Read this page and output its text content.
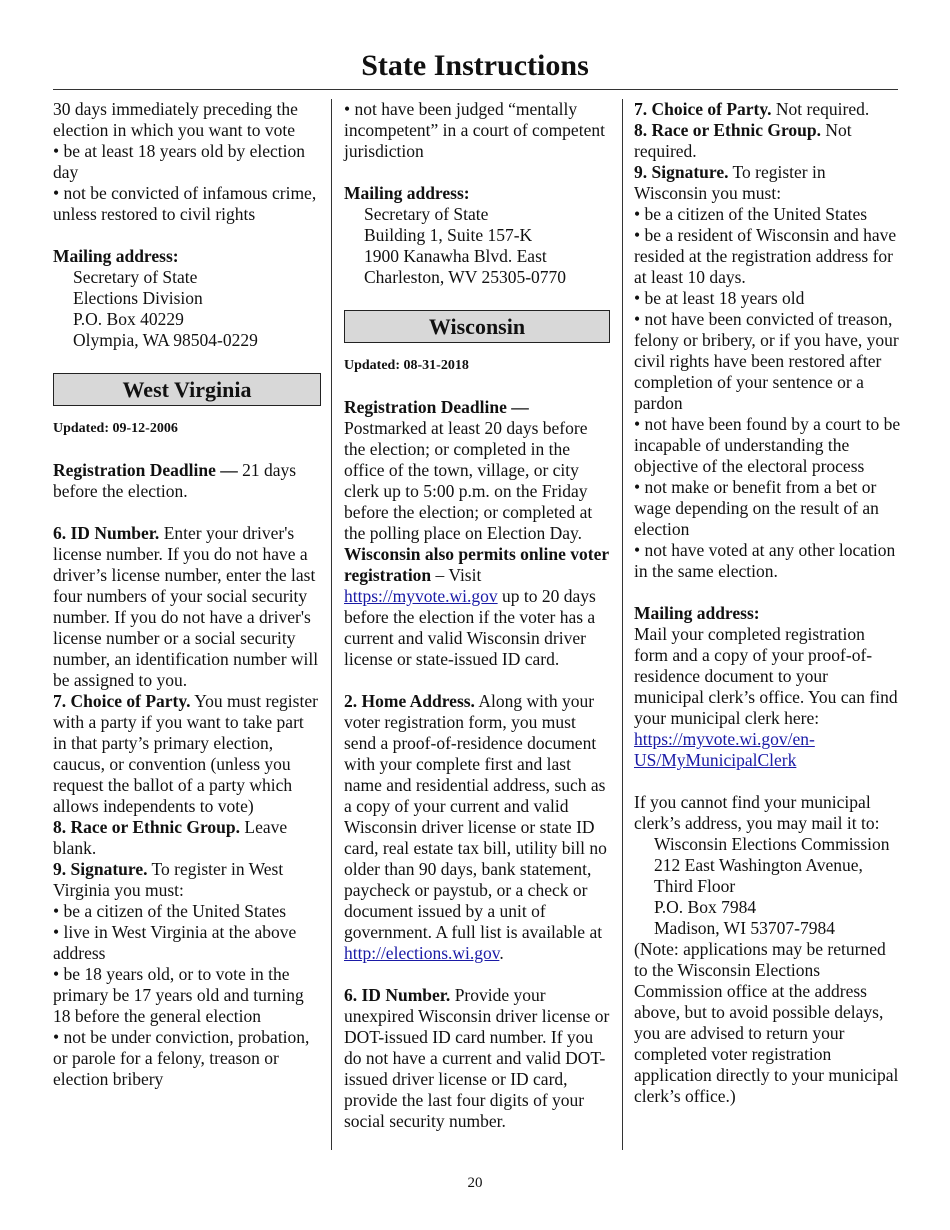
State Instructions

30 days immediately preceding the

election in which you want to vote

• be at least 18 years old by election day

• not be convicted of infamous crime, unless restored to civil rights

Mailing address:

Secretary of State

Elections Division

P.O. Box 40229

Olympia, WA 98504-0229

West Virginia

Updated: 09-12-2006

Registration Deadline — 21 days before the election.

6. ID Number. Enter your driver's license number. If you do not have a driver’s license number, enter the last four numbers of your social security number. If you do not have a driver's license number or a social security number, an identification number will be assigned to you.

7. Choice of Party. You must register with a party if you want to take part in that party’s primary election, caucus, or convention (unless you request the ballot of a party which allows independents to vote)

8. Race or Ethnic Group. Leave blank.

9. Signature. To register in West Virginia you must:

• be a citizen of the United States

• live in West Virginia at the above address

• be 18 years old, or to vote in the primary be 17 years old and turning 18 before the general election

• not be under conviction, probation, or parole for a felony, treason or election bribery

• not have been judged “mentally incompetent” in a court of competent jurisdiction

Mailing address:

Secretary of State

Building 1, Suite 157-K

1900 Kanawha Blvd. East

Charleston, WV 25305-0770

Wisconsin

Updated: 08-31-2018

Registration Deadline —

Postmarked at least 20 days before the election; or completed in the office of the town, village, or city clerk up to 5:00 p.m. on the Friday before the election; or completed at the polling place on Election Day.

Wisconsin also permits online voter registration – Visit https://myvote.wi.gov up to 20 days before the election if the voter has a current and valid Wisconsin driver license or state-issued ID card.

2. Home Address. Along with your voter registration form, you must send a proof-of-residence document with your complete first and last name and residential address, such as a copy of your current and valid Wisconsin driver license or state ID card, real estate tax bill, utility bill no older than 90 days, bank statement, paycheck or paystub, or a check or document issued by a unit of government. A full list is available at http://elections.wi.gov.

6. ID Number. Provide your unexpired Wisconsin driver license or DOT-issued ID card number. If you do not have a current and valid DOT-issued driver license or ID card, provide the last four digits of your social security number.

7. Choice of Party. Not required.

8. Race or Ethnic Group. Not required.

9. Signature. To register in Wisconsin you must:

• be a citizen of the United States

• be a resident of Wisconsin and have resided at the registration address for at least 10 days.

• be at least 18 years old

• not have been convicted of treason, felony or bribery, or if you have, your civil rights have been restored after completion of your sentence or a pardon

• not have been found by a court to be incapable of understanding the objective of the electoral process

• not make or benefit from a bet or wage depending on the result of an election

• not have voted at any other location in the same election.

Mailing address:

Mail your completed registration form and a copy of your proof-of-residence document to your municipal clerk’s office. You can find your municipal clerk here: https://myvote.wi.gov/en-US/MyMunicipalClerk

If you cannot find your municipal clerk’s address, you may mail it to:

Wisconsin Elections Commission

212 East Washington Avenue, Third Floor

P.O. Box 7984

Madison, WI 53707-7984

(Note: applications may be returned to the Wisconsin Elections Commission office at the address above, but to avoid possible delays, you are advised to return your completed voter registration application directly to your municipal clerk’s office.)

20
